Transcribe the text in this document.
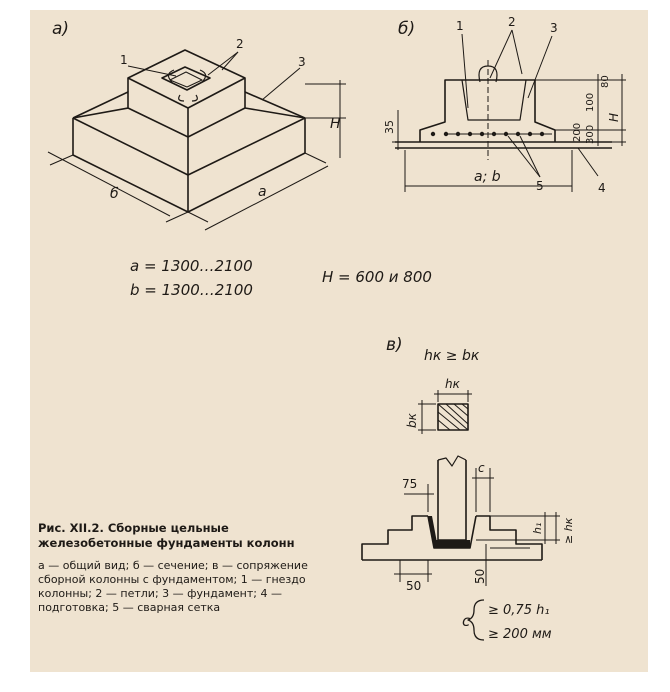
а)
1
2
3
Н
б	а
а = 1300…2100
b = 1300…2100
Н = 600 и 800
б)	1	2	3
4
5
35
80
100
200 300
Н
а; b
в)
hк ≥ bк
hк
bк
с
75
h₁ ≥ hк
50
50
с
≥ 0,75 h₁
≥ 200 мм
Рис. XII.2. Сборные цельные железобетонные фундаменты колонн
а — общий вид; б — сечение; в — сопряжение сборной колонны с фундаментом; 1 — гнездо колонны; 2 — петли; 3 — фундамент; 4 — подготовка; 5 — сварная сетка
